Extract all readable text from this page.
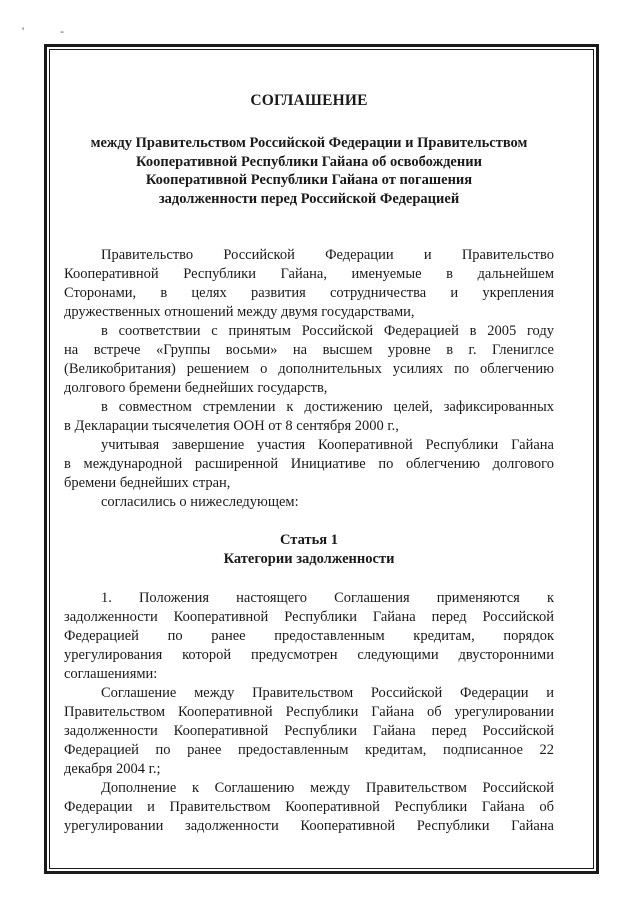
'	-
СОГЛАШЕНИЕ
между Правительством Российской Федерации и Правительством
Кооперативной Республики Гайана об освобождении
Кооперативной Республики Гайана от погашения
задолженности перед Российской Федерацией

Правительство Российской Федерации и Правительство
Кооперативной Республики Гайана, именуемые в дальнейшем
Сторонами, в целях развития сотрудничества и укрепления
дружественных отношений между двумя государствами,

в соответствии с принятым Российской Федерацией в 2005 году
на встрече «Группы восьми» на высшем уровне в г. Глениглсе
(Великобритания) решением о дополнительных усилиях по облегчению
долгового бремени беднейших государств,

в совместном стремлении к достижению целей, зафиксированных
в Декларации тысячелетия ООН от 8 сентября 2000 г.,

учитывая завершение участия Кооперативной Республики Гайана
в международной расширенной Инициативе по облегчению долгового
бремени беднейших стран,

согласились о нижеследующем:

Статья 1
Категории задолженности

1. Положения настоящего Соглашения применяются к
задолженности Кооперативной Республики Гайана перед Российской
Федерацией по ранее предоставленным кредитам, порядок
урегулирования которой предусмотрен следующими двусторонними
соглашениями:

Соглашение между Правительством Российской Федерации и
Правительством Кооперативной Республики Гайана об урегулировании
задолженности Кооперативной Республики Гайана перед Российской
Федерацией по ранее предоставленным кредитам, подписанное 22
декабря 2004 г.;

Дополнение к Соглашению между Правительством Российской
Федерации и Правительством Кооперативной Республики Гайана об
урегулировании задолженности Кооперативной Республики Гайана
